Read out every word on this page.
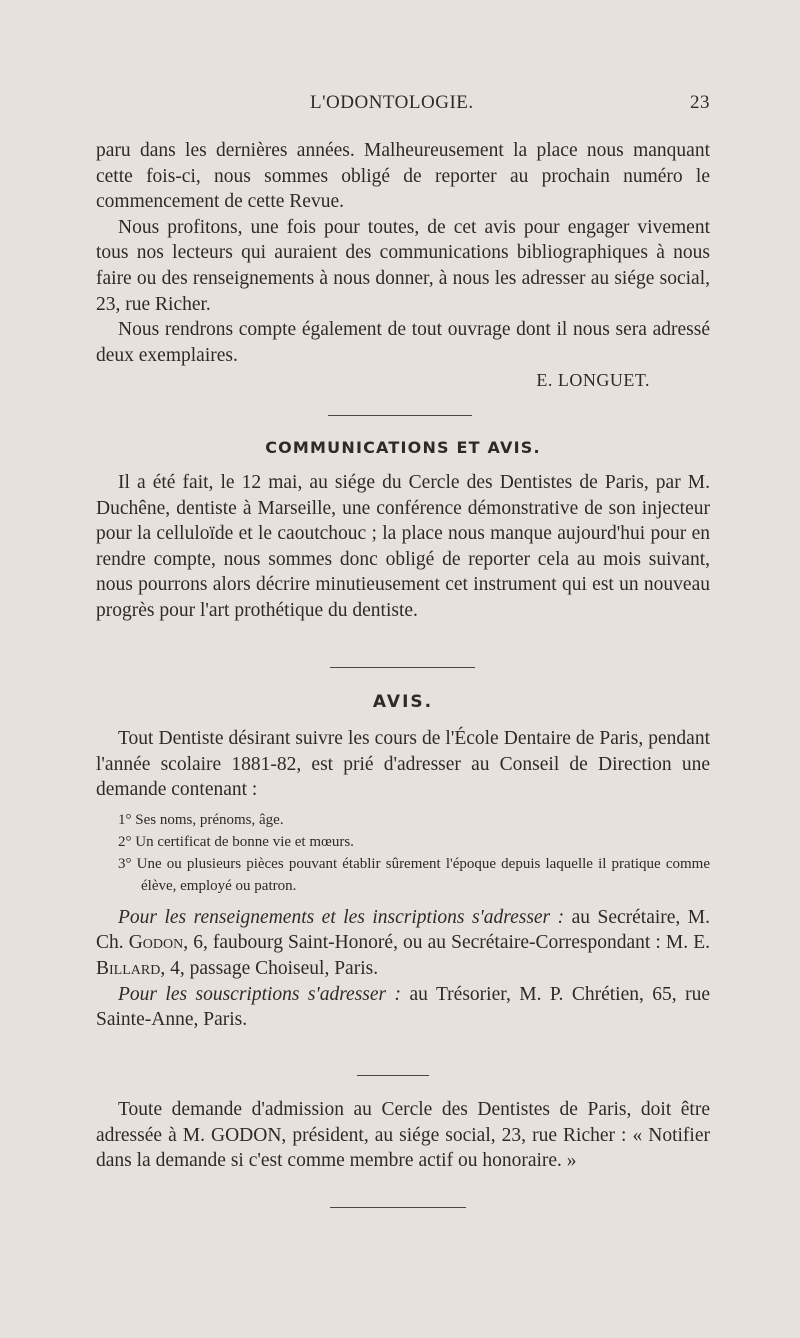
L'ODONTOLOGIE.	23

paru dans les dernières années. Malheureusement la place nous manquant cette fois-ci, nous sommes obligé de reporter au prochain numéro le commencement de cette Revue.

Nous profitons, une fois pour toutes, de cet avis pour engager vivement tous nos lecteurs qui auraient des communications bibliographiques à nous faire ou des renseignements à nous donner, à nous les adresser au siége social, 23, rue Richer.

Nous rendrons compte également de tout ouvrage dont il nous sera adressé deux exemplaires.

E. LONGUET.

COMMUNICATIONS ET AVIS.

Il a été fait, le 12 mai, au siége du Cercle des Dentistes de Paris, par M. Duchêne, dentiste à Marseille, une conférence démonstrative de son injecteur pour la celluloïde et le caoutchouc ; la place nous manque aujourd'hui pour en rendre compte, nous sommes donc obligé de reporter cela au mois suivant, nous pourrons alors décrire minutieusement cet instrument qui est un nouveau progrès pour l'art prothétique du dentiste.

AVIS.

Tout Dentiste désirant suivre les cours de l'École Dentaire de Paris, pendant l'année scolaire 1881-82, est prié d'adresser au Conseil de Direction une demande contenant :

1° Ses noms, prénoms, âge.
2° Un certificat de bonne vie et mœurs.
3° Une ou plusieurs pièces pouvant établir sûrement l'époque depuis laquelle il pratique comme élève, employé ou patron.

Pour les renseignements et les inscriptions s'adresser : au Secrétaire, M. Ch. Godon, 6, faubourg Saint-Honoré, ou au Secrétaire-Correspondant : M. E. Billard, 4, passage Choiseul, Paris.

Pour les souscriptions s'adresser : au Trésorier, M. P. Chrétien, 65, rue Sainte-Anne, Paris.

Toute demande d'admission au Cercle des Dentistes de Paris, doit être adressée à M. GODON, président, au siége social, 23, rue Richer : « Notifier dans la demande si c'est comme membre actif ou honoraire. »
